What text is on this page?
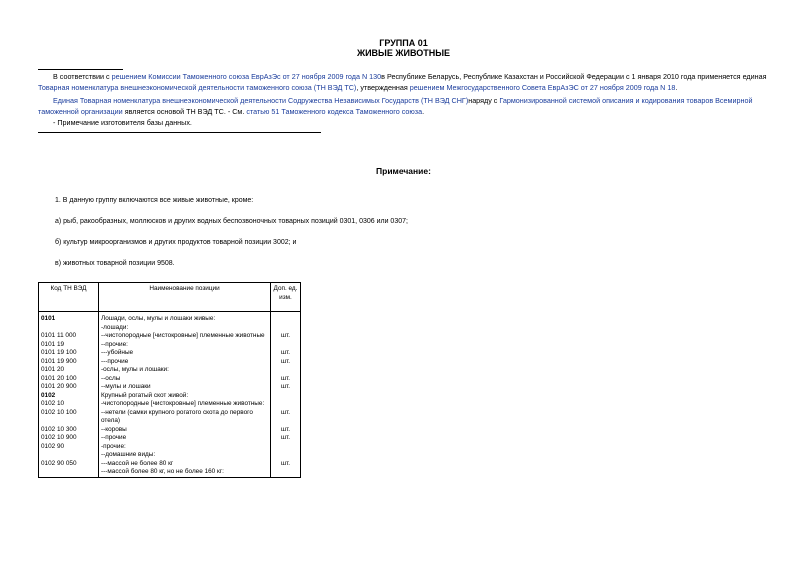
ГРУППА 01
ЖИВЫЕ ЖИВОТНЫЕ
В соответствии с решением Комиссии Таможенного союза ЕврАзЭс от 27 ноября 2009 года N 130в Республике Беларусь, Республике Казахстан и Российской Федерации с 1 января 2010 года применяется единая Товарная номенклатура внешнеэкономической деятельности таможенного союза (ТН ВЭД ТС), утвержденная решением Межгосударственного Совета ЕврАзЭС от 27 ноября 2009 года N 18.
Единая Товарная номенклатура внешнеэкономической деятельности Содружества Независимых Государств (ТН ВЭД СНГ)наряду с Гармонизированной системой описания и кодирования товаров Всемирной таможенной организации является основой ТН ВЭД ТС. - См. статью 51 Таможенного кодекса Таможенного союза.
- Примечание изготовителя базы данных.
Примечание:
1. В данную группу включаются все живые животные, кроме:
а) рыб, ракообразных, моллюсков и других водных беспозвоночных товарных позиций 0301, 0306 или 0307;
б) культур микроорганизмов и других продуктов товарной позиции 3002; и
в) животных товарной позиции 9508.
Код ТН ВЭД	Наименование позиции	Доп. ед. изм.
0101	Лошади, ослы, мулы и лошаки живые:	
	-лошади:	
0101 11 000	--чистопородные [чистокровные] племенные животные	шт.
0101 19	--прочие:	
0101 19 100	---убойные	шт.
0101 19 900	---прочие	шт.
0101 20	-ослы, мулы и лошаки:	
0101 20 100	--ослы	шт.
0101 20 900	--мулы и лошаки	шт.
0102	Крупный рогатый скот живой:	
0102 10	-чистопородные [чистокровные] племенные животные:	
0102 10 100	--нетели (самки крупного рогатого скота до первого отела)	шт.
0102 10 300	--коровы	шт.
0102 10 900	--прочие	шт.
0102 90	-прочие:	
	--домашние виды:	
0102 90 050	---массой не более 80 кг	шт.
	---массой более 80 кг, но не более 160 кг:	
